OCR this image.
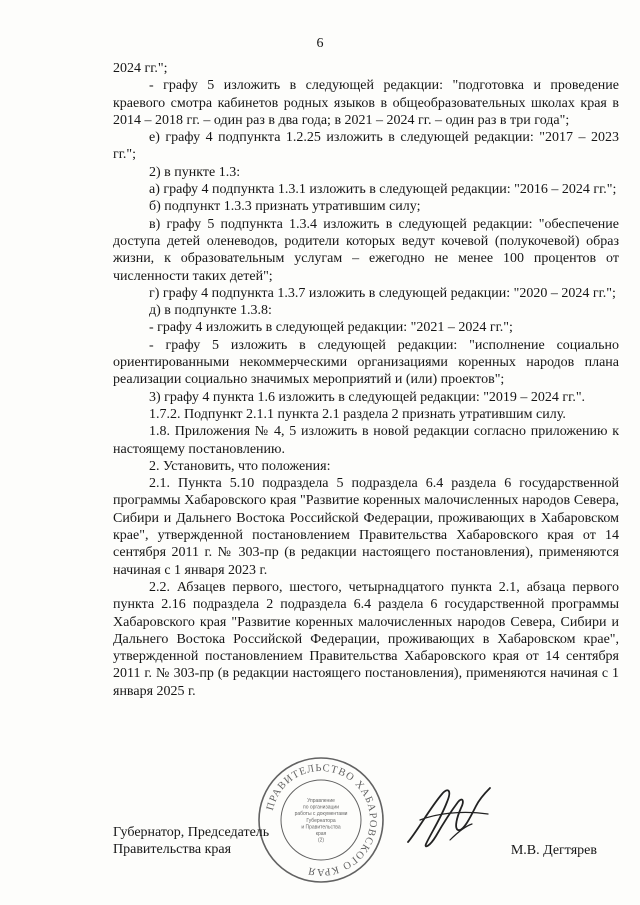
6

2024 гг.";

- графу 5 изложить в следующей редакции: "подготовка и проведение краевого смотра кабинетов родных языков в общеобразовательных школах края в 2014 – 2018 гг. – один раз в два года; в 2021 – 2024 гг. – один раз в три года";

е) графу 4 подпункта 1.2.25 изложить в следующей редакции: "2017 – 2023 гг.";

2) в пункте 1.3:

а) графу 4 подпункта 1.3.1 изложить в следующей редакции: "2016 – 2024 гг.";

б) подпункт 1.3.3 признать утратившим силу;

в) графу 5 подпункта 1.3.4 изложить в следующей редакции: "обеспечение доступа детей оленеводов, родители которых ведут кочевой (полукочевой) образ жизни, к образовательным услугам – ежегодно не менее 100 процентов от численности таких детей";

г) графу 4 подпункта 1.3.7 изложить в следующей редакции: "2020 – 2024 гг.";

д) в подпункте 1.3.8:

- графу 4 изложить в следующей редакции: "2021 – 2024 гг.";

- графу 5 изложить в следующей редакции: "исполнение социально ориентированными некоммерческими организациями коренных народов плана реализации социально значимых мероприятий и (или) проектов";

3) графу 4 пункта 1.6 изложить в следующей редакции: "2019 – 2024 гг.".

1.7.2. Подпункт 2.1.1 пункта 2.1 раздела 2 признать утратившим силу.

1.8. Приложения № 4, 5 изложить в новой редакции согласно приложению к настоящему постановлению.

2. Установить, что положения:

2.1. Пункта 5.10 подраздела 5 подраздела 6.4 раздела 6 государственной программы Хабаровского края "Развитие коренных малочисленных народов Севера, Сибири и Дальнего Востока Российской Федерации, проживающих в Хабаровском крае", утвержденной постановлением Правительства Хабаровского края от 14 сентября 2011 г. № 303-пр (в редакции настоящего постановления), применяются начиная с 1 января 2023 г.

2.2. Абзацев первого, шестого, четырнадцатого пункта 2.1, абзаца первого пункта 2.16 подраздела 2 подраздела 6.4 раздела 6 государственной программы Хабаровского края "Развитие коренных малочисленных народов Севера, Сибири и Дальнего Востока Российской Федерации, проживающих в Хабаровском крае", утвержденной постановлением Правительства Хабаровского края от 14 сентября 2011 г. № 303-пр (в редакции настоящего постановления), применяются начиная с 1 января 2025 г.

ПРАВИТЕЛЬСТВО ХАБАРОВСКОГО КРАЯ
Управление
по организации
работы с документами
Губернатора
и Правительства
края
(2)
Губернатор, Председатель
Правительства края	М.В. Дегтярев
